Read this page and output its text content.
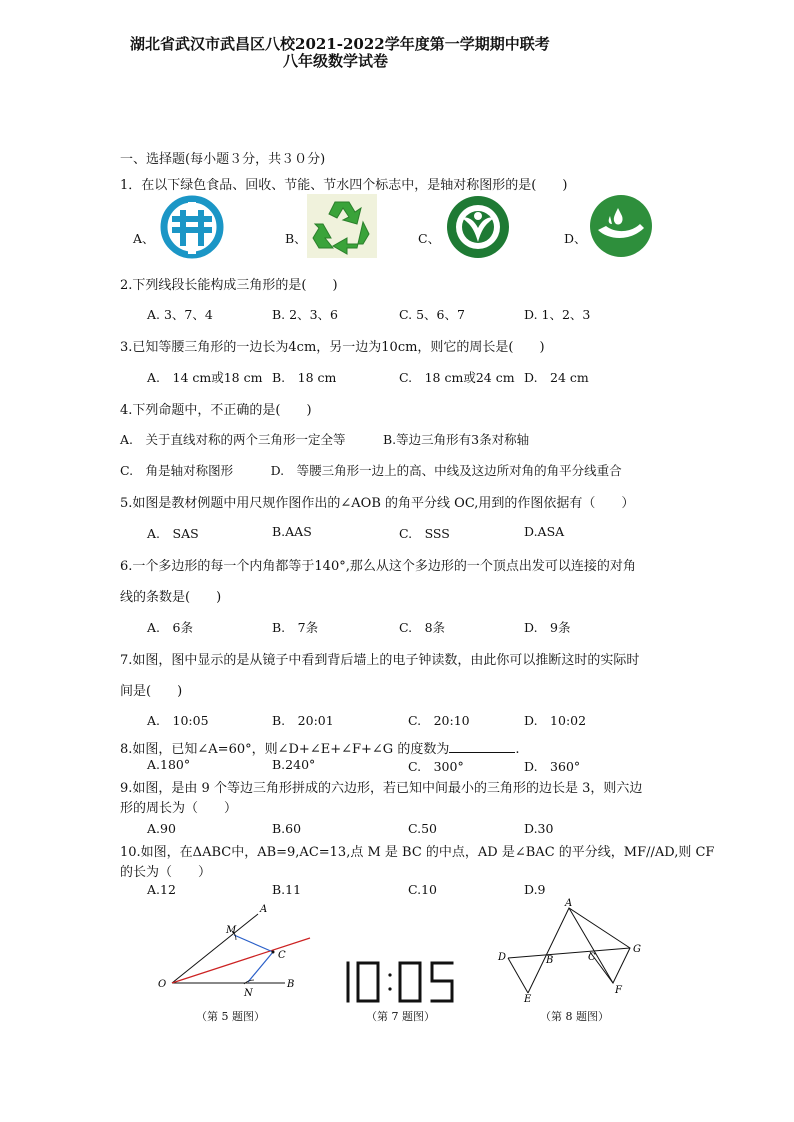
湖北省武汉市武昌区八校2021-2022学年度第一学期期中联考
八年级数学试卷
一、选择题(每小题３分，共３０分)
1．在以下绿色食品、回收、节能、节水四个标志中，是轴对称图形的是(　　)
A、	B、	C、	D、
2.下列线段长能构成三角形的是(　　)
A. 3、7、4	B. 2、3、6	C. 5、6、7	D. 1、2、3
3.已知等腰三角形的一边长为4cm，另一边为10cm，则它的周长是(　　)
A.　14 cm或18 cm B.　18 cm	C.　18 cm或24 cm D.　24 cm
4.下列命题中，不正确的是(　　)
A.　关于直线对称的两个三角形一定全等　　　B.等边三角形有3条对称轴
C.　角是轴对称图形　　　D.　等腰三角形一边上的高、中线及这边所对角的角平分线重合
5.如图是教材例题中用尺规作图作出的∠AOB 的角平分线 OC,用到的作图依据有（　　）
A.　SAS	B.AAS	C.　SSS	D.ASA
6.一个多边形的每一个内角都等于140°,那么从这个多边形的一个顶点出发可以连接的对角
线的条数是(　　)
A.　6条	B.　7条	C.　8条	D.　9条
7.如图，图中显示的是从镜子中看到背后墙上的电子钟读数，由此你可以推断这时的实际时
间是(　　)
A.　10:05	B.　20:01	C.　20:10	D.　10:02
8.如图，已知∠A=60°，则∠D+∠E+∠F+∠G 的度数为	.
A.180°	B.240°	C.　300°	D.　360°
9.如图，是由 9 个等边三角形拼成的六边形，若已知中间最小的三角形的边长是 3，则六边
形的周长为（　　）
A.90	B.60	C.50	D.30
10.如图，在ΔABC中，AB=9,AC=13,点 M 是 BC 的中点，AD 是∠BAC 的平分线，MF//AD,则 CF
的长为（　　）
A.12	B.11	C.10	D.9
O
A
M
C
N
B
（第 5 题图）	（第 7 题图）
A
B	C
D
E
F
G
（第 8 题图）
